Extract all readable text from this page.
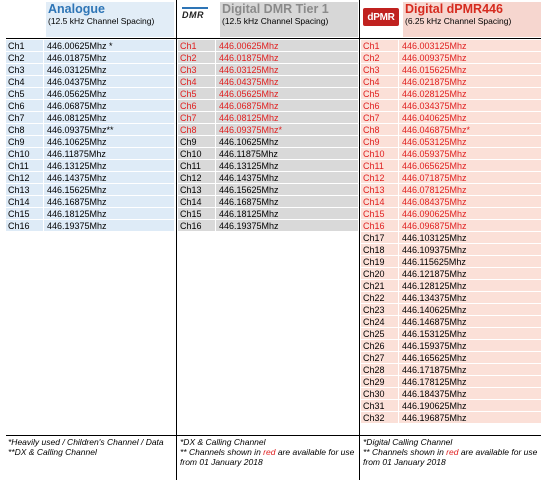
Analogue
(12.5 kHz Channel Spacing)
DMR Digital DMR Tier 1
(12.5 kHz Channel Spacing)	dPMR
Digital dPMR446
(6.25 kHz Channel Spacing)
Ch1	446.00625Mhz *
Ch2	446.01875Mhz
Ch3	446.03125Mhz
Ch4	446.04375Mhz
Ch5	446.05625Mhz
Ch6	446.06875Mhz
Ch7	446.08125Mhz
Ch8	446.09375Mhz**
Ch9	446.10625Mhz
Ch10	446.11875Mhz
Ch11	446.13125Mhz
Ch12	446.14375Mhz
Ch13	446.15625Mhz
Ch14	446.16875Mhz
Ch15	446.18125Mhz
Ch16	446.19375Mhz
Ch1	446.00625Mhz
Ch2	446.01875Mhz
Ch3	446.03125Mhz
Ch4	446.04375Mhz
Ch5	446.05625Mhz
Ch6	446.06875Mhz
Ch7	446.08125Mhz
Ch8	446.09375Mhz*
Ch9	446.10625Mhz
Ch10	446.11875Mhz
Ch11	446.13125Mhz
Ch12	446.14375Mhz
Ch13	446.15625Mhz
Ch14	446.16875Mhz
Ch15	446.18125Mhz
Ch16	446.19375Mhz
Ch1	446.003125Mhz
Ch2	446.009375Mhz
Ch3	446.015625Mhz
Ch4	446.021875Mhz
Ch5	446.028125Mhz
Ch6	446.034375Mhz
Ch7	446.040625Mhz
Ch8	446.046875Mhz*
Ch9	446.053125Mhz
Ch10	446.059375Mhz
Ch11	446.065625Mhz
Ch12	446.071875Mhz
Ch13	446.078125Mhz
Ch14	446.084375Mhz
Ch15	446.090625Mhz
Ch16	446.096875Mhz
Ch17	446.103125Mhz
Ch18	446.109375Mhz
Ch19	446.115625Mhz
Ch20	446.121875Mhz
Ch21	446.128125Mhz
Ch22	446.134375Mhz
Ch23	446.140625Mhz
Ch24	446.146875Mhz
Ch25	446.153125Mhz
Ch26	446.159375Mhz
Ch27	446.165625Mhz
Ch28	446.171875Mhz
Ch29	446.178125Mhz
Ch30	446.184375Mhz
Ch31	446.190625Mhz
Ch32	446.196875Mhz
*Heavily used / Children's Channel / Data
**DX & Calling Channel
*DX & Calling Channel
** Channels shown in red are available for use from 01 January 2018
*Digital Calling Channel
** Channels shown in red are available for use from 01 January 2018
